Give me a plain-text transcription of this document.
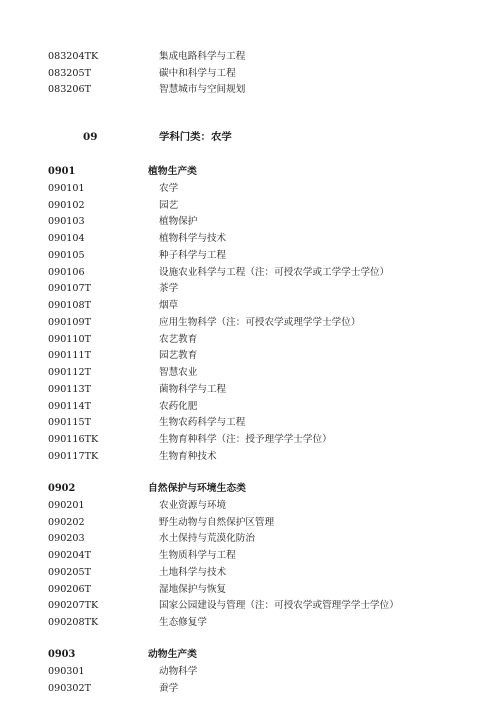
083204TK	集成电路科学与工程
083205T	碳中和科学与工程
083206T	智慧城市与空间规划
09	学科门类：农学
0901	植物生产类
090101	农学
090102	园艺
090103	植物保护
090104	植物科学与技术
090105	种子科学与工程
090106	设施农业科学与工程（注：可授农学或工学学士学位）
090107T	茶学
090108T	烟草
090109T	应用生物科学（注：可授农学或理学学士学位）
090110T	农艺教育
090111T	园艺教育
090112T	智慧农业
090113T	菌物科学与工程
090114T	农药化肥
090115T	生物农药科学与工程
090116TK	生物育种科学（注：授予理学学士学位）
090117TK	生物育种技术
0902	自然保护与环境生态类
090201	农业资源与环境
090202	野生动物与自然保护区管理
090203	水土保持与荒漠化防治
090204T	生物质科学与工程
090205T	土地科学与技术
090206T	湿地保护与恢复
090207TK	国家公园建设与管理（注：可授农学或管理学学士学位）
090208TK	生态修复学
0903	动物生产类
090301	动物科学
090302T	蚕学
